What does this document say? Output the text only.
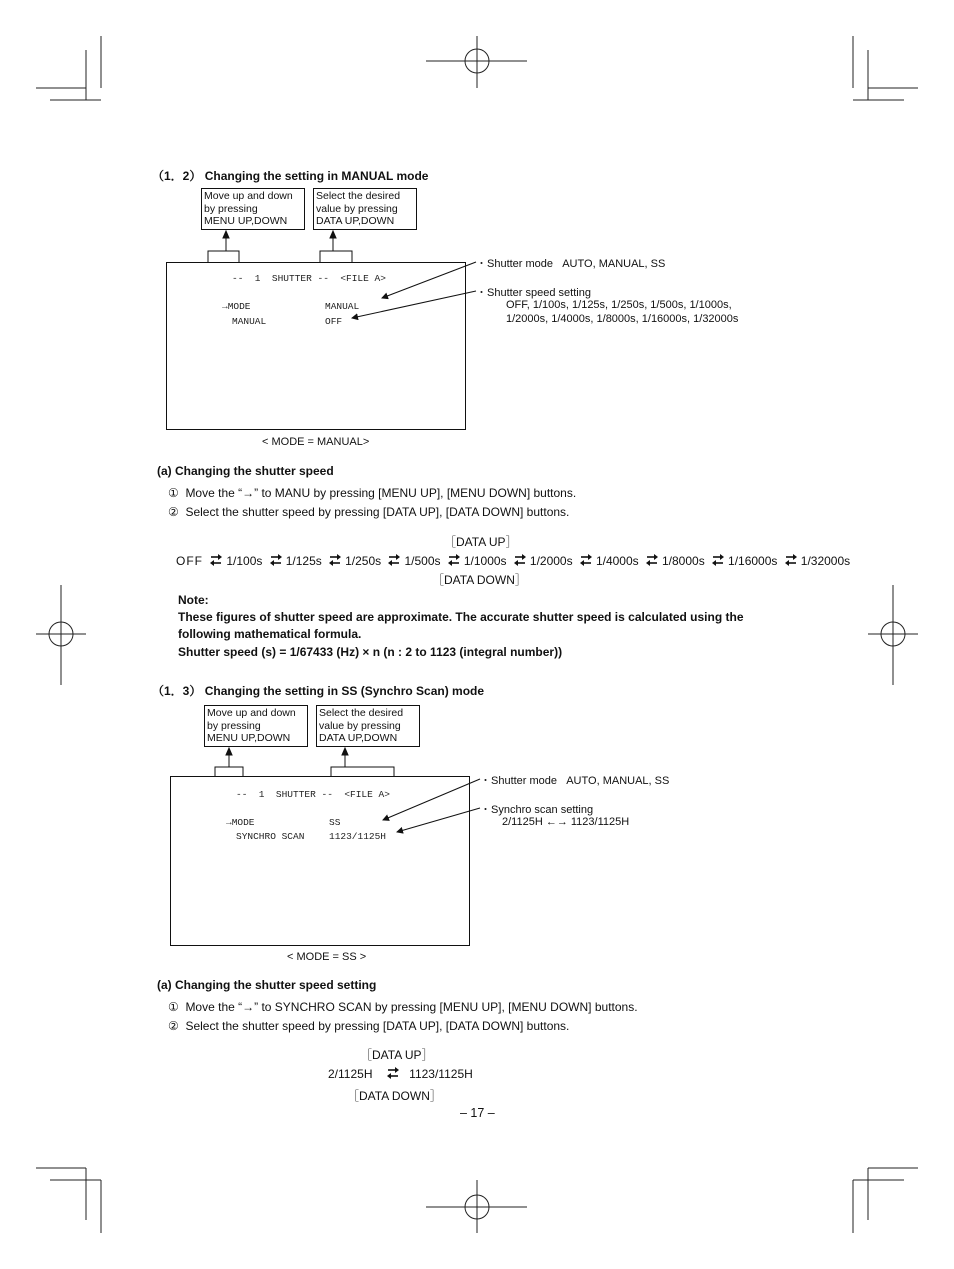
（1．2） Changing the setting in MANUAL mode
Move up and down
by pressing
MENU UP,DOWN
Select the desired
value by pressing
DATA UP,DOWN
--  1  SHUTTER --  <FILE A>
→MODE	MANUAL
MANUAL	OFF
< MODE = MANUAL>
・Shutter mode AUTO, MANUAL, SS
・Shutter speed setting
OFF, 1/100s, 1/125s, 1/250s, 1/500s, 1/1000s,
1/2000s, 1/4000s, 1/8000s, 1/16000s, 1/32000s
(a) Changing the shutter speed
① Move the “→” to MANU by pressing [MENU UP], [MENU DOWN] buttons.
② Select the shutter speed by pressing [DATA UP], [DATA DOWN] buttons.
［DATA UP］
OFF 1/100s 1/125s 1/250s 1/500s 1/1000s 1/2000s 1/4000s 1/8000s 1/16000s 1/32000s
［DATA DOWN］
Note:
These figures of shutter speed are approximate. The accurate shutter speed is calculated using the
following mathematical formula.
Shutter speed (s) = 1/67433 (Hz) × n (n : 2 to 1123 (integral number))
（1．3） Changing the setting in SS (Synchro Scan) mode
Move up and down
by pressing
MENU UP,DOWN
Select the desired
value by pressing
DATA UP,DOWN
--  1  SHUTTER --  <FILE A>
→MODE	SS
SYNCHRO SCAN	1123/1125H
< MODE = SS >
・Shutter mode AUTO, MANUAL, SS
・Synchro scan setting
2/1125H ←→ 1123/1125H
(a) Changing the shutter speed setting
① Move the “→” to SYNCHRO SCAN by pressing [MENU UP], [MENU DOWN] buttons.
② Select the shutter speed by pressing [DATA UP], [DATA DOWN] buttons.
［DATA UP］
2/1125H	1123/1125H
［DATA DOWN］
– 17 –
